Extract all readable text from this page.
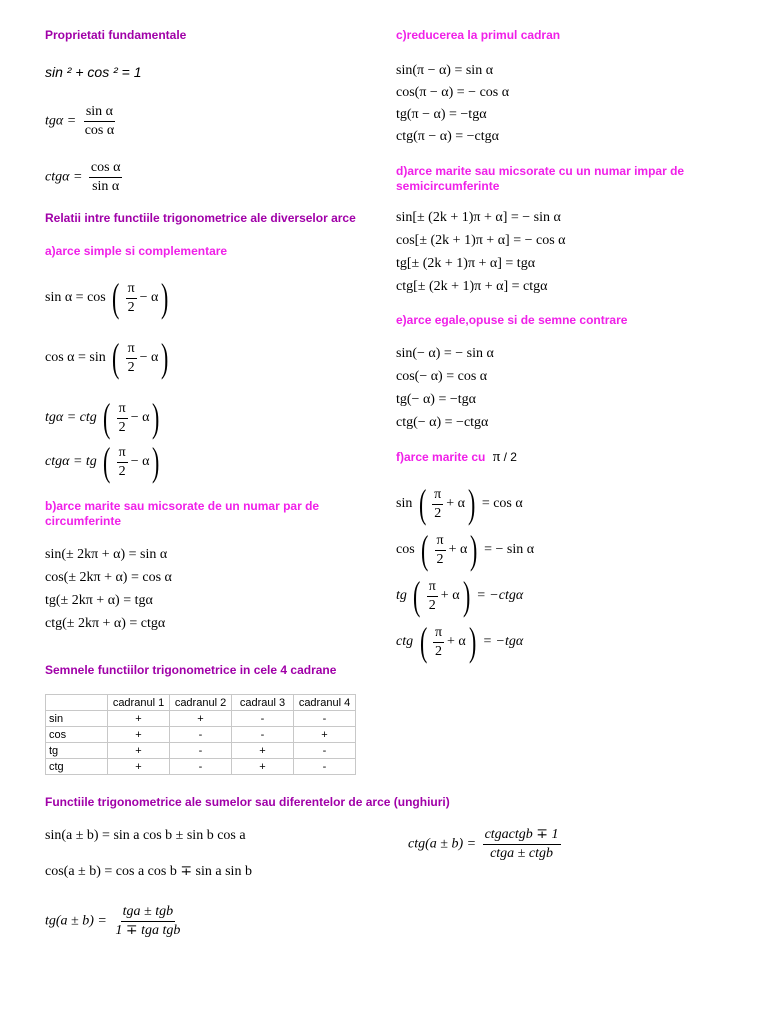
Proprietati fundamentale
sin ² + cos ² = 1
$tg\alpha = \frac{\text{sin α}}{\text{cos α}}$
$ctg\alpha = \frac{\text{cos α}}{\text{sin α}}$
Relatii intre functiile trigonometrice ale diverselor arce
a)arce simple si complementare
sin α = cos ( $\frac{\pi}{2} - \alpha$ )
cos α = sin ( $\frac{\pi}{2} - \alpha$ )
tgα = ctg ( $\frac{\pi}{2} - \alpha$ )
ctgα = tg ( $\frac{\pi}{2} - \alpha$ )
b)arce marite sau micsorate de un numar par de circumferinte
sin(± 2kπ + α) = sin α
cos(± 2kπ + α) = cos α
tg(± 2kπ + α) = tgα
ctg(± 2kπ + α) = ctgα
Semnele functiilor trigonometrice in cele 4 cadrane
	cadranul 1	cadranul 2	cadraul 3	cadranul 4
sin	+	+	-	-
cos	+	-	-	+
tg	+	-	+	-
ctg	+	-	+	-
Functiile trigonometrice ale sumelor sau diferentelor de arce (unghiuri)
sin(a ± b) = sin a cos b ± sin b cos a
cos(a ± b) = cos a cos b ∓ sin a sin b
$tg(a \pm b) = \frac{\text{tga ± tgb}}{\text{1 ∓ tga tgb}}$
c)reducerea la primul cadran
sin(π − α) = sin α
cos(π − α) = − cos α
tg(π − α) = −tgα
ctg(π − α) = −ctgα
d)arce marite sau micsorate cu un numar impar de semicircumferinte
sin[± (2k + 1)π + α] = − sin α
cos[± (2k + 1)π + α] = − cos α
tg[± (2k + 1)π + α] = tgα
ctg[± (2k + 1)π + α] = ctgα
e)arce egale,opuse si de semne contrare
sin(− α) = − sin α
cos(− α) = cos α
tg(− α) = −tgα
ctg(− α) = −ctgα
f)arce marite cu π / 2
sin ( $\frac{\pi}{2} + \alpha$ ) = cos α
cos ( $\frac{\pi}{2} + \alpha$ ) = − sin α
tg ( $\frac{\pi}{2} + \alpha$ ) = −ctgα
ctg ( $\frac{\pi}{2} + \alpha$ ) = −tgα
$ctg(a \pm b) = \frac{\text{ctgactgb ∓ 1}}{\text{ctga ± ctgb}}$
